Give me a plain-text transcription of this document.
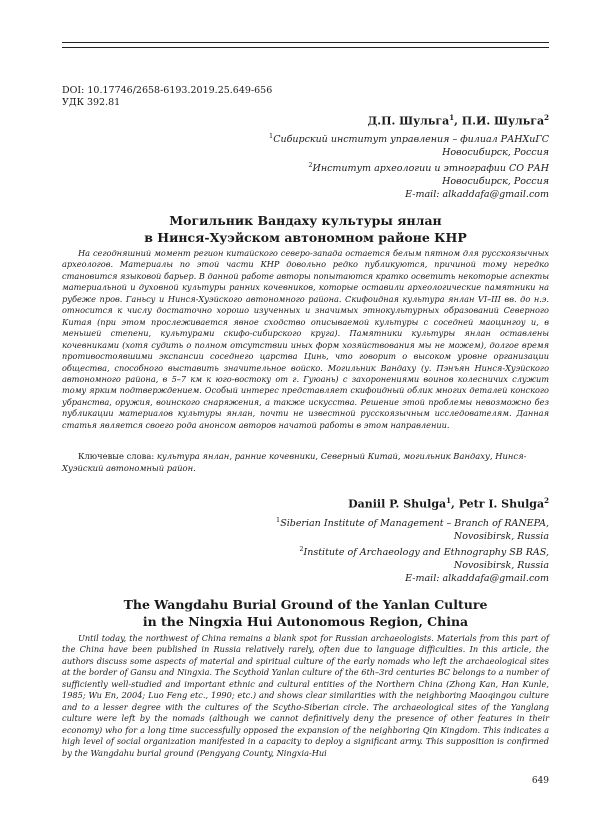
DOI: 10.17746/2658-6193.2019.25.649-656
УДК 392.81
Д.П. Шульга$^1$, П.И. Шульга$^2$
$^1$Сибирский институт управления – филиал РАНХиГС
Новосибирск, Россия
$^2$Институт археологии и этнографии СО РАН
Новосибирск, Россия
E-mail: alkaddafa@gmail.com
Могильник Вандаху культуры янлан
в Нинся-Хуэйском автономном районе КНР

На сегодняшний момент регион китайского северо-запада остается белым пятном для русскоязычных археологов. Материалы по этой части КНР довольно редко публикуются, причиной тому нередко становится языковой барьер. В данной работе авторы попытаются кратко осветить некоторые аспекты материальной и духовной культуры ранних кочевников, которые оставили археологические памятники на рубеже пров. Ганьсу и Нинся-Хуэйского автономного района. Скифоидная культура янлан VI–III вв. до н.э. относится к числу достаточно хорошо изученных и значимых этнокультурных образований Северного Китая (при этом прослеживается явное сходство описываемой культуры с соседней маоцингоу и, в меньшей степени, культурами скифо-сибирского круга). Памятники культуры янлан оставлены кочевниками (хотя судить о полном отсутствии иных форм хозяйствования мы не можем), долгое время противостоявшими экспансии соседнего царства Цинь, что говорит о высоком уровне организации общества, способного выставить значительное войско. Могильник Вандаху (у. Пэнъян Нинся-Хуэйского автономного района, в 5–7 км к юго-востоку от г. Гуюань) с захоронениями воинов колесничих служит тому ярким подтверждением. Особый интерес представляет скифоидный облик многих деталей конского убранства, оружия, воинского снаряжения, а также искусства. Решение этой проблемы невозможно без публикации материалов культуры янлан, почти не известной русскоязычным исследователям. Данная статья является своего рода анонсом авторов начатой работы в этом направлении.

Ключевые слова: культура янлан, ранние кочевники, Северный Китай, могильник Вандаху, Нинся-Хуэйский автономный район.

Daniil P. Shulga$^1$, Petr I. Shulga$^2$
$^1$Siberian Institute of Management – Branch of RANEPA,
Novosibirsk, Russia
$^2$Institute of Archaeology and Ethnography SB RAS,
Novosibirsk, Russia
E-mail: alkaddafa@gmail.com
The Wangdahu Burial Ground of the Yanlan Culture
in the Ningxia Hui Autonomous Region, China

Until today, the northwest of China remains a blank spot for Russian archaeologists. Materials from this part of the China have been published in Russia relatively rarely, often due to language difficulties. In this article, the authors discuss some aspects of material and spiritual culture of the early nomads who left the archaeological sites at the border of Gansu and Ningxia. The Scythoid Yanlan culture of the 6th–3rd centuries BC belongs to a number of sufficiently well-studied and important ethnic and cultural entities of the Northern China (Zhong Kan, Han Kunle, 1985; Wu En, 2004; Luo Feng etc., 1990; etc.) and shows clear similarities with the neighboring Maoqingou culture and to a lesser degree with the cultures of the Scytho-Siberian circle. The archaeological sites of the Yanglang culture were left by the nomads (although we cannot definitively deny the presence of other features in their economy) who for a long time successfully opposed the expansion of the neighboring Qin Kingdom. This indicates a high level of social organization manifested in a capacity to deploy a significant army. This supposition is confirmed by the Wangdahu burial ground (Pengyang County, Ningxia-Hui

649
